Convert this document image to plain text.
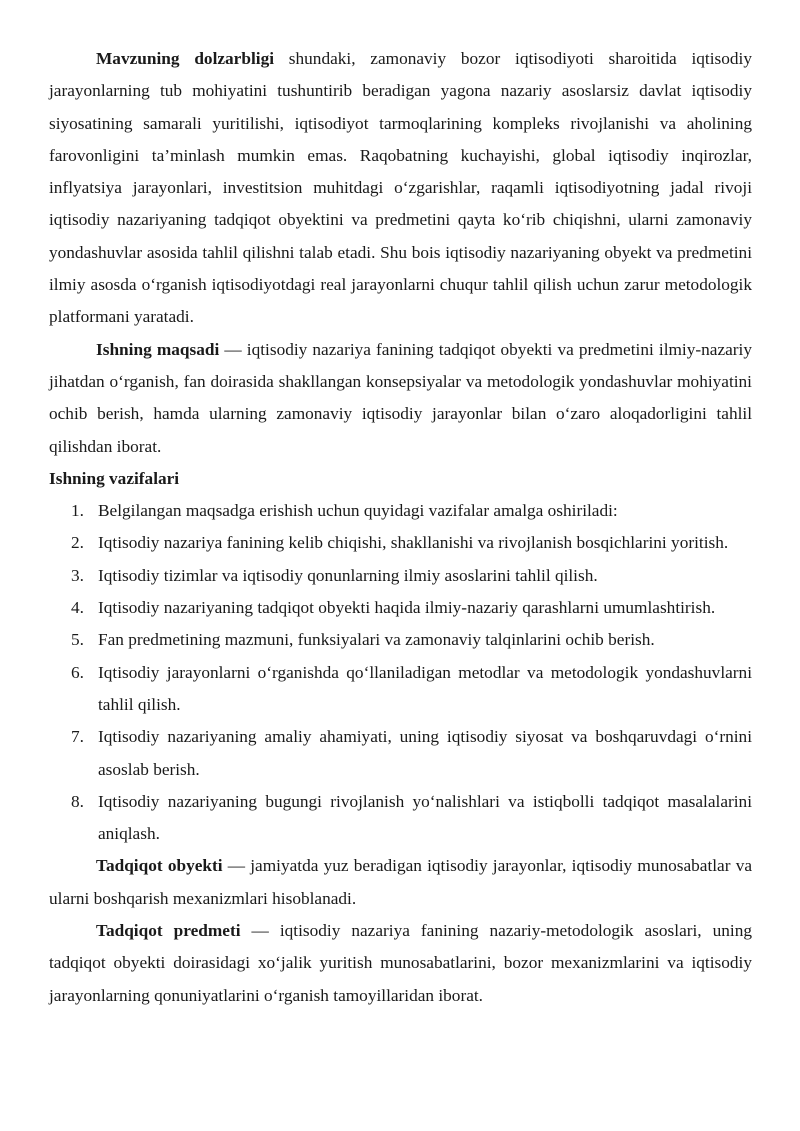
Mavzuning dolzarbligi shundaki, zamonaviy bozor iqtisodiyoti sharoitida iqtisodiy jarayonlarning tub mohiyatini tushuntirib beradigan yagona nazariy asoslarsiz davlat iqtisodiy siyosatining samarali yuritilishi, iqtisodiyot tarmoqlarining kompleks rivojlanishi va aholining farovonligini ta’minlash mumkin emas. Raqobatning kuchayishi, global iqtisodiy inqirozlar, inflyatsiya jarayonlari, investitsion muhitdagi o‘zgarishlar, raqamli iqtisodiyotning jadal rivoji iqtisodiy nazariyaning tadqiqot obyektini va predmetini qayta ko‘rib chiqishni, ularni zamonaviy yondashuvlar asosida tahlil qilishni talab etadi. Shu bois iqtisodiy nazariyaning obyekt va predmetini ilmiy asosda o‘rganish iqtisodiyotdagi real jarayonlarni chuqur tahlil qilish uchun zarur metodologik platformani yaratadi.

Ishning maqsadi — iqtisodiy nazariya fanining tadqiqot obyekti va predmetini ilmiy-nazariy jihatdan o‘rganish, fan doirasida shakllangan konsepsiyalar va metodologik yondashuvlar mohiyatini ochib berish, hamda ularning zamonaviy iqtisodiy jarayonlar bilan o‘zaro aloqadorligini tahlil qilishdan iborat.

Ishning vazifalari

1. Belgilangan maqsadga erishish uchun quyidagi vazifalar amalga oshiriladi:
2. Iqtisodiy nazariya fanining kelib chiqishi, shakllanishi va rivojlanish bosqichlarini yoritish.
3. Iqtisodiy tizimlar va iqtisodiy qonunlarning ilmiy asoslarini tahlil qilish.
4. Iqtisodiy nazariyaning tadqiqot obyekti haqida ilmiy-nazariy qarashlarni umumlashtirish.
5. Fan predmetining mazmuni, funksiyalari va zamonaviy talqinlarini ochib berish.
6. Iqtisodiy jarayonlarni o‘rganishda qo‘llaniladigan metodlar va metodologik yondashuvlarni tahlil qilish.
7. Iqtisodiy nazariyaning amaliy ahamiyati, uning iqtisodiy siyosat va boshqaruvdagi o‘rnini asoslab berish.
8. Iqtisodiy nazariyaning bugungi rivojlanish yo‘nalishlari va istiqbolli tadqiqot masalalarini aniqlash.

Tadqiqot obyekti — jamiyatda yuz beradigan iqtisodiy jarayonlar, iqtisodiy munosabatlar va ularni boshqarish mexanizmlari hisoblanadi.

Tadqiqot predmeti — iqtisodiy nazariya fanining nazariy-metodologik asoslari, uning tadqiqot obyekti doirasidagi xo‘jalik yuritish munosabatlarini, bozor mexanizmlarini va iqtisodiy jarayonlarning qonuniyatlarini o‘rganish tamoyillaridan iborat.
